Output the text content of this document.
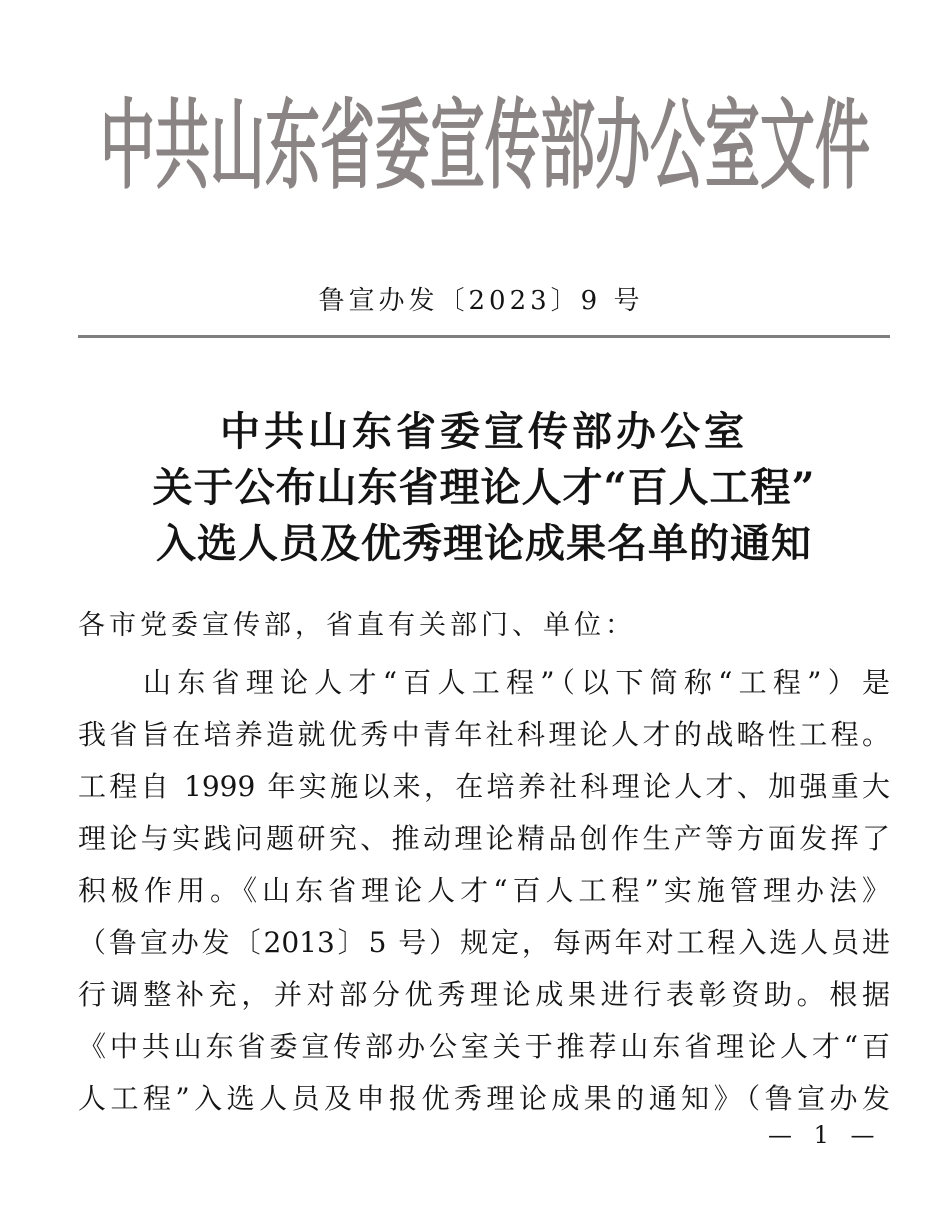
中共山东省委宣传部办公室文件
鲁宣办发〔2023〕9 号
中共山东省委宣传部办公室
关于公布山东省理论人才“百人工程”
入选人员及优秀理论成果名单的通知
各市党委宣传部，省直有关部门、单位：
山东省理论人才“百人工程”（以下简称“工程”）是
我省旨在培养造就优秀中青年社科理论人才的战略性工程。
工程自 1999 年实施以来，在培养社科理论人才、加强重大
理论与实践问题研究、推动理论精品创作生产等方面发挥了
积极作用。《山东省理论人才“百人工程”实施管理办法》
（鲁宣办发〔2013〕5 号）规定，每两年对工程入选人员进
行调整补充，并对部分优秀理论成果进行表彰资助。根据
《中共山东省委宣传部办公室关于推荐山东省理论人才“百
人工程”入选人员及申报优秀理论成果的通知》（鲁宣办发
— 1 —
